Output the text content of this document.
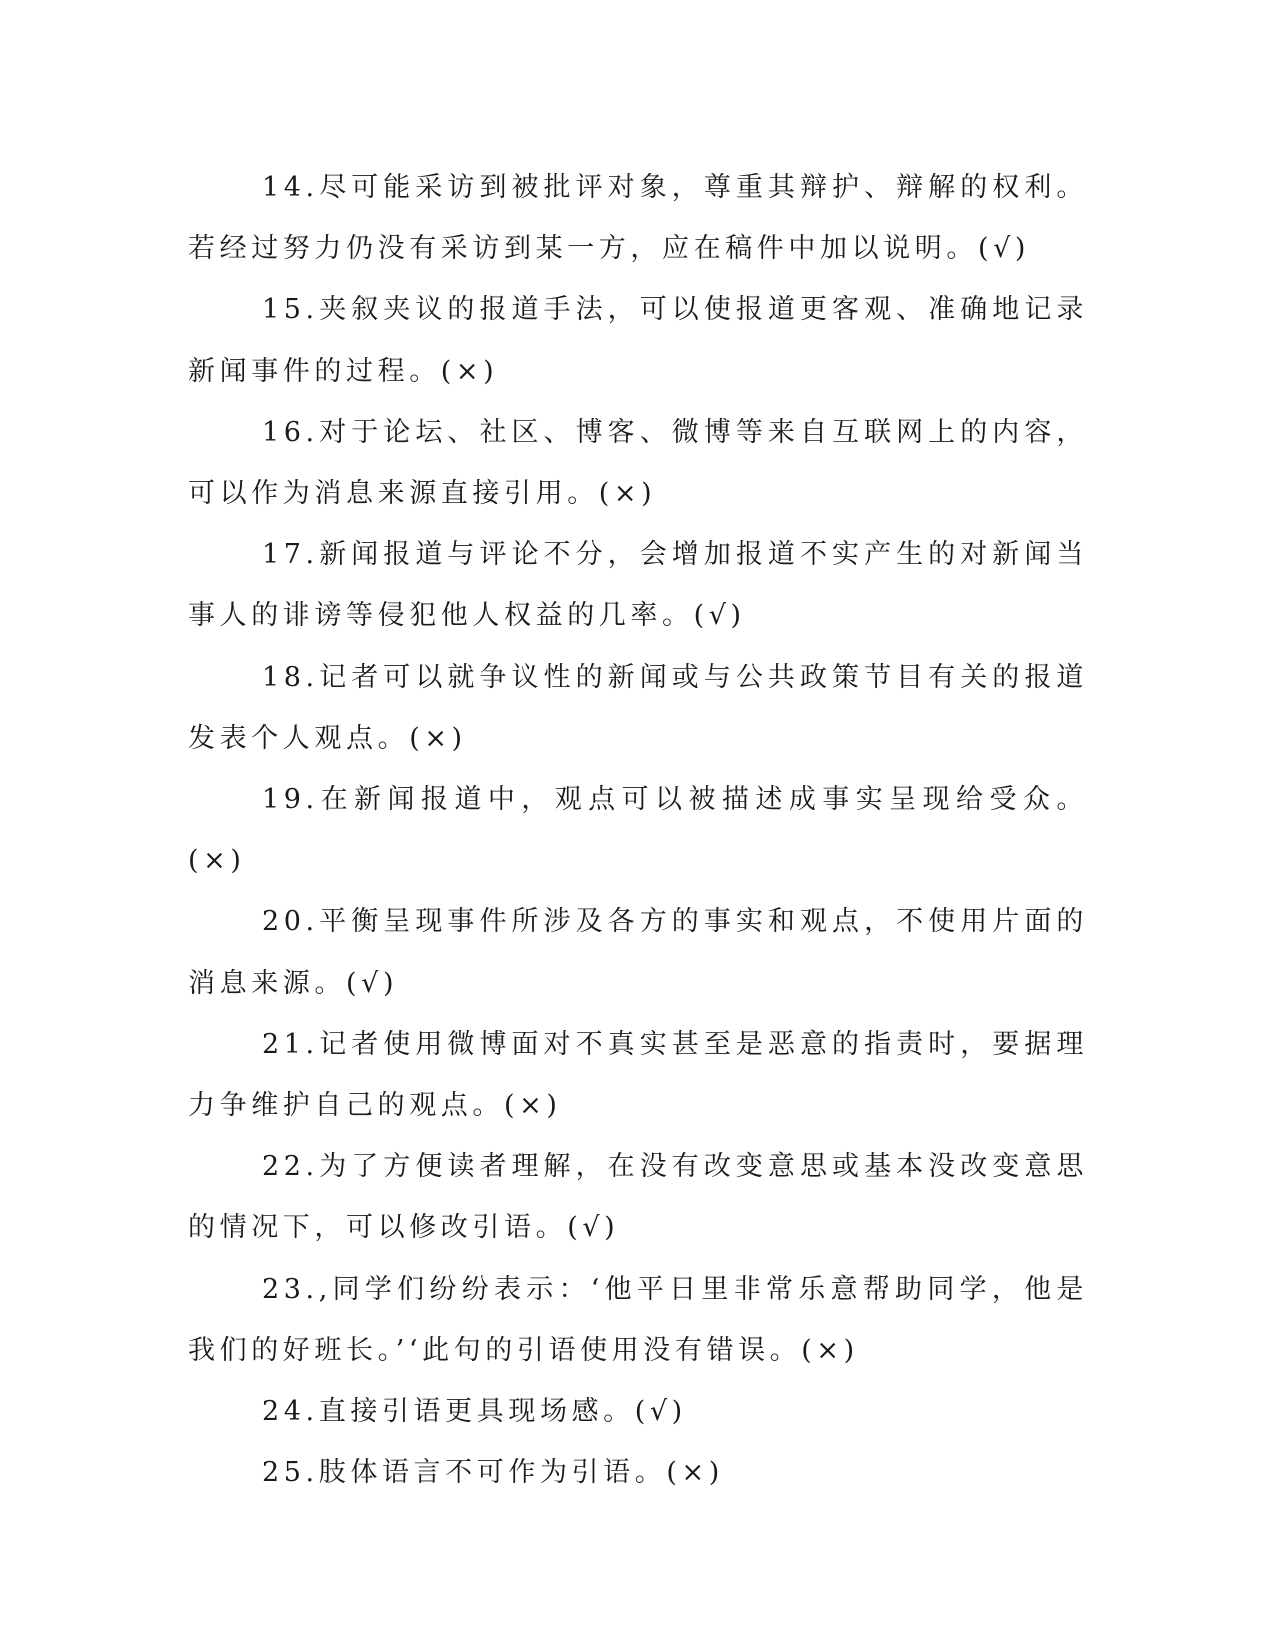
14.尽可能采访到被批评对象，尊重其辩护、辩解的权利。若经过努力仍没有采访到某一方，应在稿件中加以说明。(√)

15.夹叙夹议的报道手法，可以使报道更客观、准确地记录新闻事件的过程。(×)

16.对于论坛、社区、博客、微博等来自互联网上的内容，可以作为消息来源直接引用。(×)

17.新闻报道与评论不分，会增加报道不实产生的对新闻当事人的诽谤等侵犯他人权益的几率。(√)

18.记者可以就争议性的新闻或与公共政策节目有关的报道发表个人观点。(×)

19.在新闻报道中，观点可以被描述成事实呈现给受众。(×)

20.平衡呈现事件所涉及各方的事实和观点，不使用片面的消息来源。(√)

21.记者使用微博面对不真实甚至是恶意的指责时，要据理力争维护自己的观点。(×)

22.为了方便读者理解，在没有改变意思或基本没改变意思的情况下，可以修改引语。(√)

23.,同学们纷纷表示：‘他平日里非常乐意帮助同学，他是我们的好班长。’‘此句的引语使用没有错误。(×)

24.直接引语更具现场感。(√)

25.肢体语言不可作为引语。(×)
